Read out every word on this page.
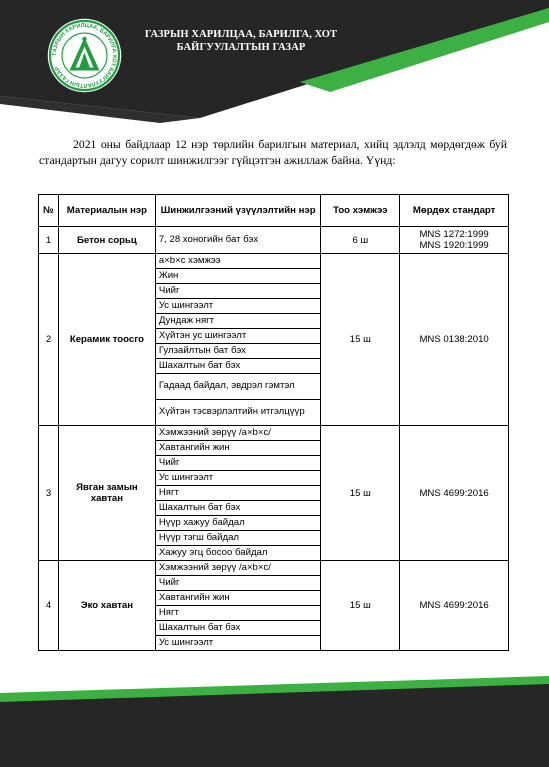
ГАЗРЫН ХАРИЛЦАА, БАРИЛГА ХОТ БАЙГУУЛАЛТЫН ГАЗАР
ГАЗРЫН ХАРИЛЦАА, БАРИЛГА, ХОТ
БАЙГУУЛАЛТЫН ГАЗАР

2021 оны байдлаар 12 нэр төрлийн барилгын материал, хийц эдлэлд мөрдөгдөж буй стандартын дагуу сорилт шинжилгээг гүйцэтгэн ажиллаж байна. Үүнд:

№	Материалын нэр	Шинжилгээний үзүүлэлтийн нэр	Тоо хэмжээ	Мөрдөх стандарт
1	Бетон сорьц	7, 28 хоногийн бат бэх	6 ш	MNS 1272:1999
MNS 1920:1999

2	Керамик тоосго	а×b×c хэмжээ	15 ш	MNS 0138:2010
		Жин		
		Чийг		
		Ус шингээлт		
		Дундаж нягт		
		Хүйтэн ус шингээлт		
		Гулзайлтын бат бэх		
		Шахалтын бат бэх		
		Гадаад байдал, эвдрэл гэмтэл		
		Хүйтэн тэсвэрлэлтийн итгэлцүүр		
3	Явган замын хавтан	Хэмжээний зөрүү /а×b×c/	15 ш	MNS 4699:2016
		Хавтангийн жин		
		Чийг		
		Ус шингээлт		
		Нягт		
		Шахалтын бат бэх		
		Нүүр хажуу байдал		
		Нүүр тэгш байдал		
		Хажуу эгц босоо байдал		
4	Эко хавтан	Хэмжээний зөрүү /а×b×c/	15 ш	MNS 4699:2016
		Чийг		
		Хавтангийн жин		
		Нягт		
		Шахалтын бат бэх		
		Ус шингээлт		
